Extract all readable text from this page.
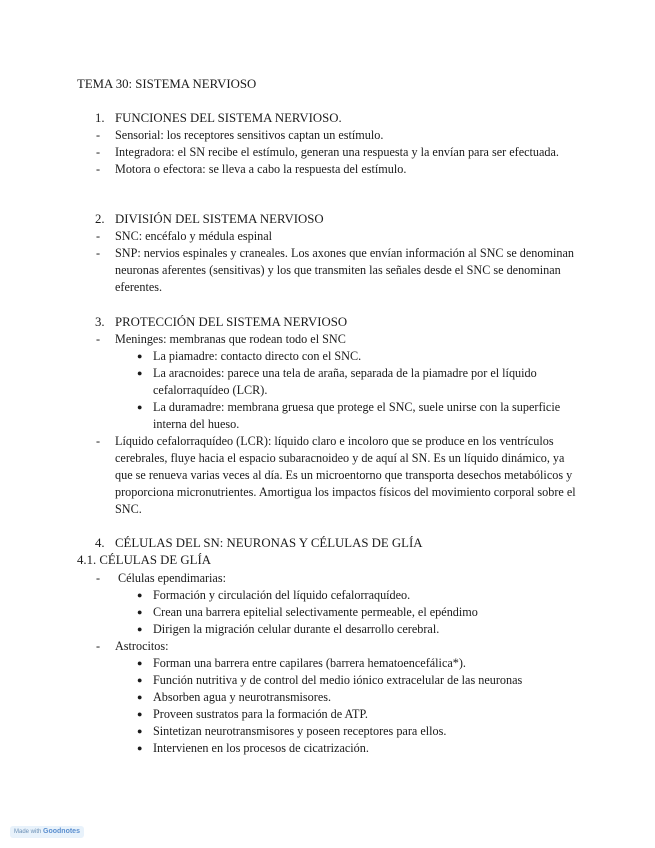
TEMA 30: SISTEMA NERVIOSO
1. FUNCIONES DEL SISTEMA NERVIOSO.
- Sensorial: los receptores sensitivos captan un estímulo.
- Integradora: el SN recibe el estímulo, generan una respuesta y la envían para ser efectuada.
- Motora o efectora: se lleva a cabo la respuesta del estímulo.
2. DIVISIÓN DEL SISTEMA NERVIOSO
- SNC: encéfalo y médula espinal
- SNP: nervios espinales y craneales. Los axones que envían información al SNC se denominan neuronas aferentes (sensitivas) y los que transmiten las señales desde el SNC se denominan eferentes.
3. PROTECCIÓN DEL SISTEMA NERVIOSO
- Meninges: membranas que rodean todo el SNC
● La piamadre: contacto directo con el SNC.
● La aracnoides: parece una tela de araña, separada de la piamadre por el líquido cefalorraquídeo (LCR).
● La duramadre: membrana gruesa que protege el SNC, suele unirse con la superficie interna del hueso.
- Líquido cefalorraquídeo (LCR): líquido claro e incoloro que se produce en los ventrículos cerebrales, fluye hacia el espacio subaracnoideo y de aquí al SN. Es un líquido dinámico, ya que se renueva varias veces al día. Es un microentorno que transporta desechos metabólicos y proporciona micronutrientes. Amortigua los impactos físicos del movimiento corporal sobre el SNC.
4. CÉLULAS DEL SN: NEURONAS Y CÉLULAS DE GLÍA
4.1. CÉLULAS DE GLÍA
- Células ependimarias:
● Formación y circulación del líquido cefalorraquídeo.
● Crean una barrera epitelial selectivamente permeable, el epéndimo
● Dirigen la migración celular durante el desarrollo cerebral.
- Astrocitos:
● Forman una barrera entre capilares (barrera hematoencefálica*).
● Función nutritiva y de control del medio iónico extracelular de las neuronas
● Absorben agua y neurotransmisores.
● Proveen sustratos para la formación de ATP.
● Sintetizan neurotransmisores y poseen receptores para ellos.
● Intervienen en los procesos de cicatrización.
Made with Goodnotes
